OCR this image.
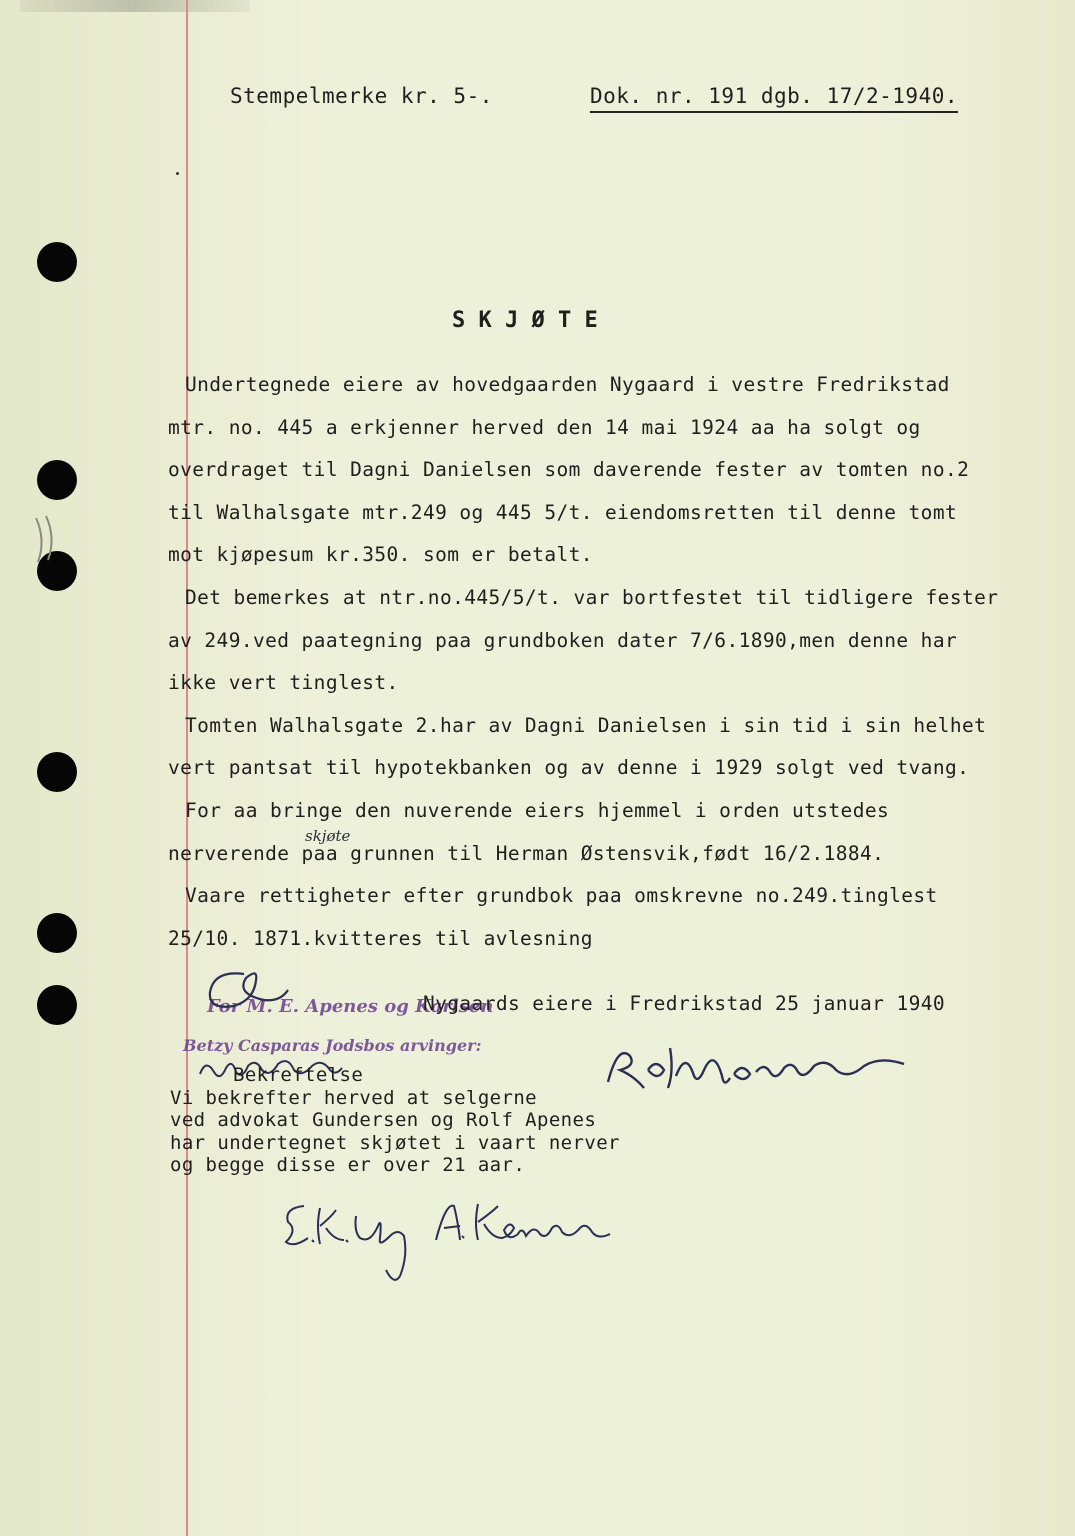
Stempelmerke kr. 5-.	Dok. nr. 191 dgb. 17/2-1940.
S K J Ø T E
Undertegnede eiere av hovedgaarden Nygaard i vestre Fredrikstad
mtr. no. 445 a erkjenner herved den 14 mai 1924 aa ha solgt og
overdraget til Dagni Danielsen som daverende fester av tomten no.2
til Walhalsgate mtr.249 og 445 5/t. eiendomsretten til denne tomt
mot kjøpesum kr.350. som er betalt.
Det bemerkes at ntr.no.445/5/t. var bortfestet til tidligere fester
av 249.ved paategning paa grundboken dater 7/6.1890,men denne har
ikke vert tinglest.
Tomten Walhalsgate 2.har av Dagni Danielsen i sin tid i sin helhet
vert pantsat til hypotekbanken og av denne i 1929 solgt ved tvang.
For aa bringe den nuverende eiers hjemmel i orden utstedes
nerverende paa grunnen til Herman Østensvik,født 16/2.1884.
Vaare rettigheter efter grundbok paa omskrevne no.249.tinglest
25/10. 1871.kvitteres til avlesning
skjøte
For M. E. Apenes og Karlsen
Nygaards eiere i Fredrikstad 25 januar 1940
Betzy Casparas Jodsbos arvinger:
Bekreftelse
Vi bekrefter herved at selgerne
ved advokat Gundersen og Rolf Apenes
har undertegnet skjøtet i vaart nerver
og begge disse er over 21 aar.
